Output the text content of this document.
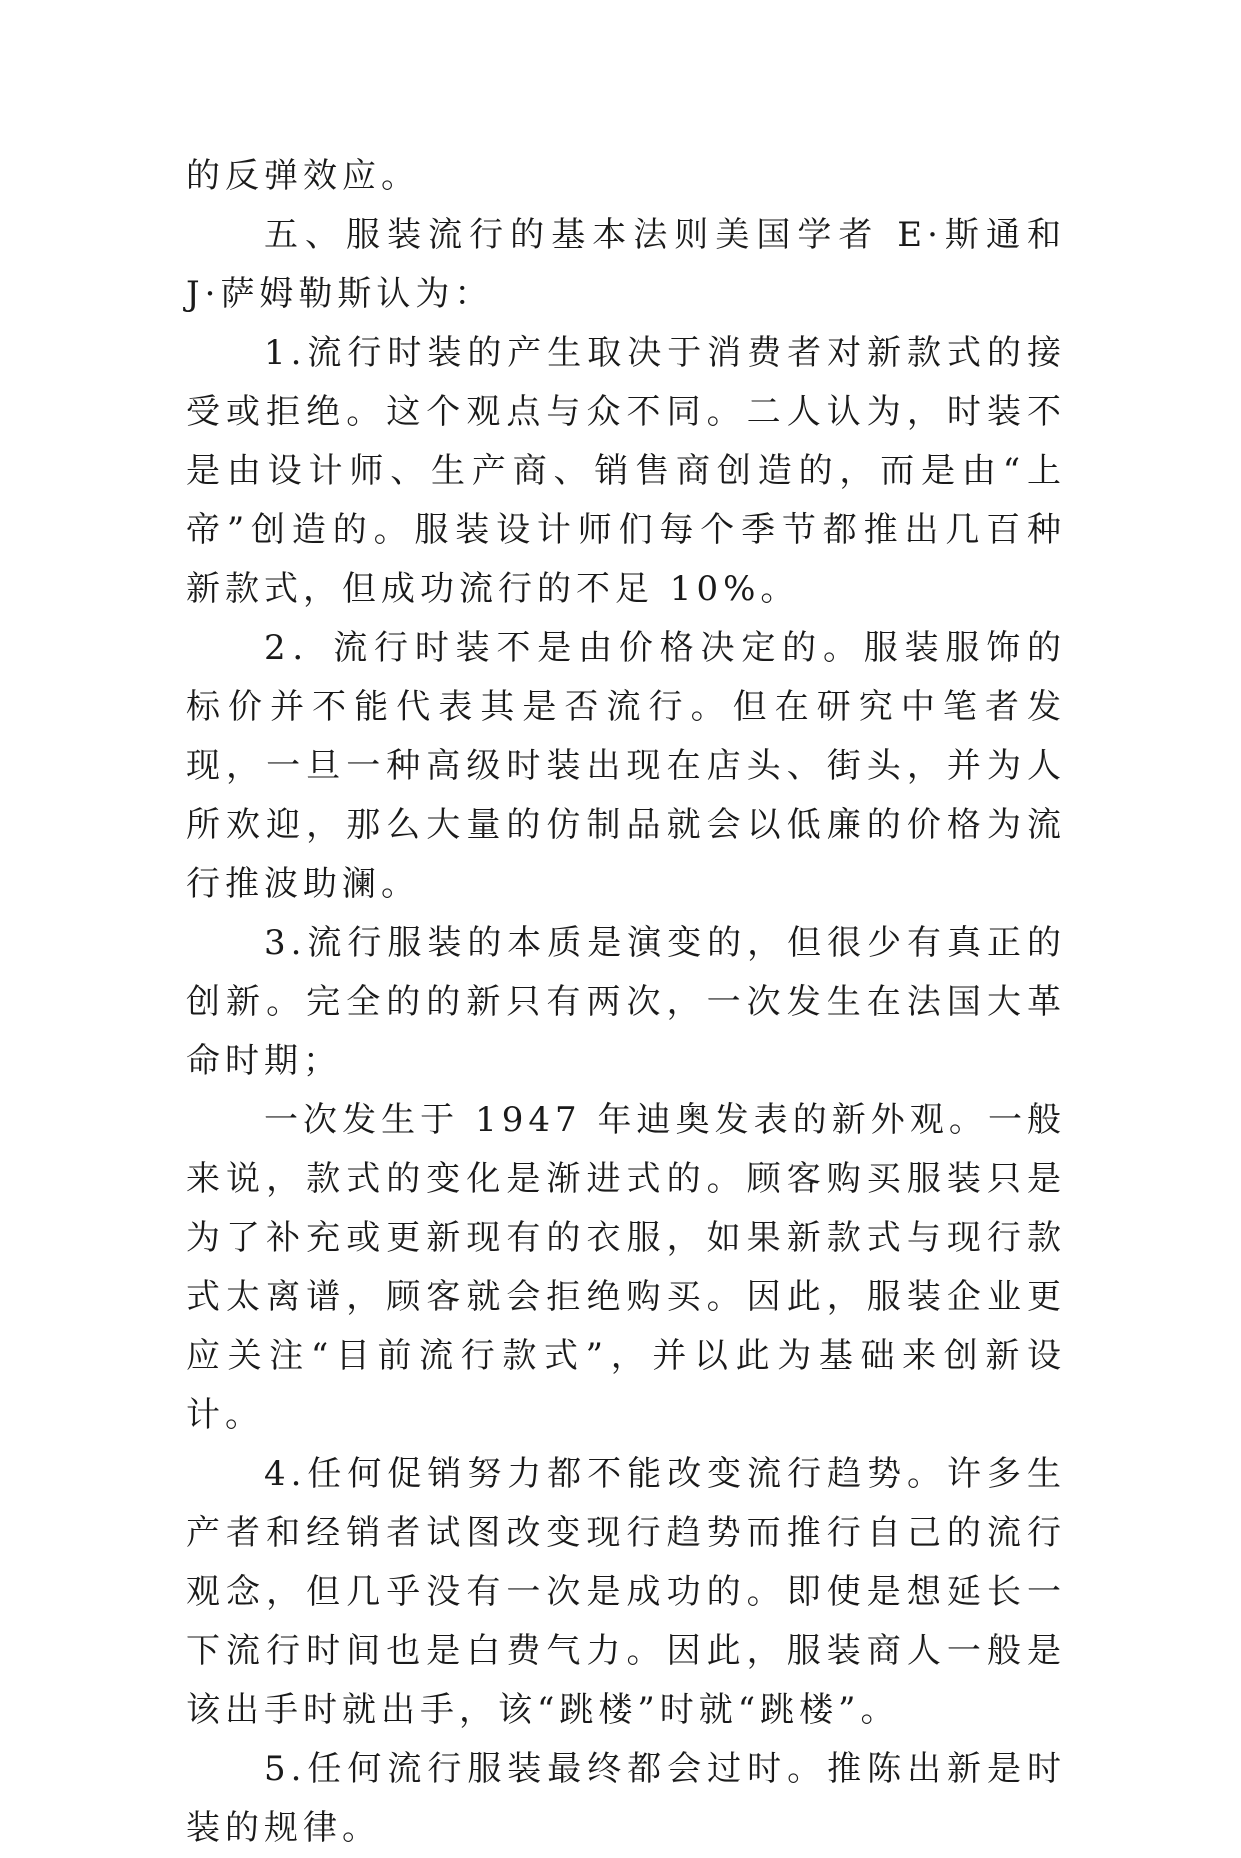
的反弹效应。

五、服装流行的基本法则美国学者 E·斯通和 J·萨姆勒斯认为：

1.流行时装的产生取决于消费者对新款式的接受或拒绝。这个观点与众不同。二人认为，时装不是由设计师、生产商、销售商创造的，而是由“上帝”创造的。服装设计师们每个季节都推出几百种新款式，但成功流行的不足 10%。

2．流行时装不是由价格决定的。服装服饰的标价并不能代表其是否流行。但在研究中笔者发现，一旦一种高级时装出现在店头、街头，并为人所欢迎，那么大量的仿制品就会以低廉的价格为流行推波助澜。

3.流行服装的本质是演变的，但很少有真正的创新。完全的的新只有两次，一次发生在法国大革命时期；

一次发生于 1947 年迪奥发表的新外观。一般来说，款式的变化是渐进式的。顾客购买服装只是为了补充或更新现有的衣服，如果新款式与现行款式太离谱，顾客就会拒绝购买。因此，服装企业更应关注“目前流行款式”，并以此为基础来创新设计。

4.任何促销努力都不能改变流行趋势。许多生产者和经销者试图改变现行趋势而推行自己的流行观念，但几乎没有一次是成功的。即使是想延长一下流行时间也是白费气力。因此，服装商人一般是该出手时就出手，该“跳楼”时就“跳楼”。

5.任何流行服装最终都会过时。推陈出新是时装的规律。
